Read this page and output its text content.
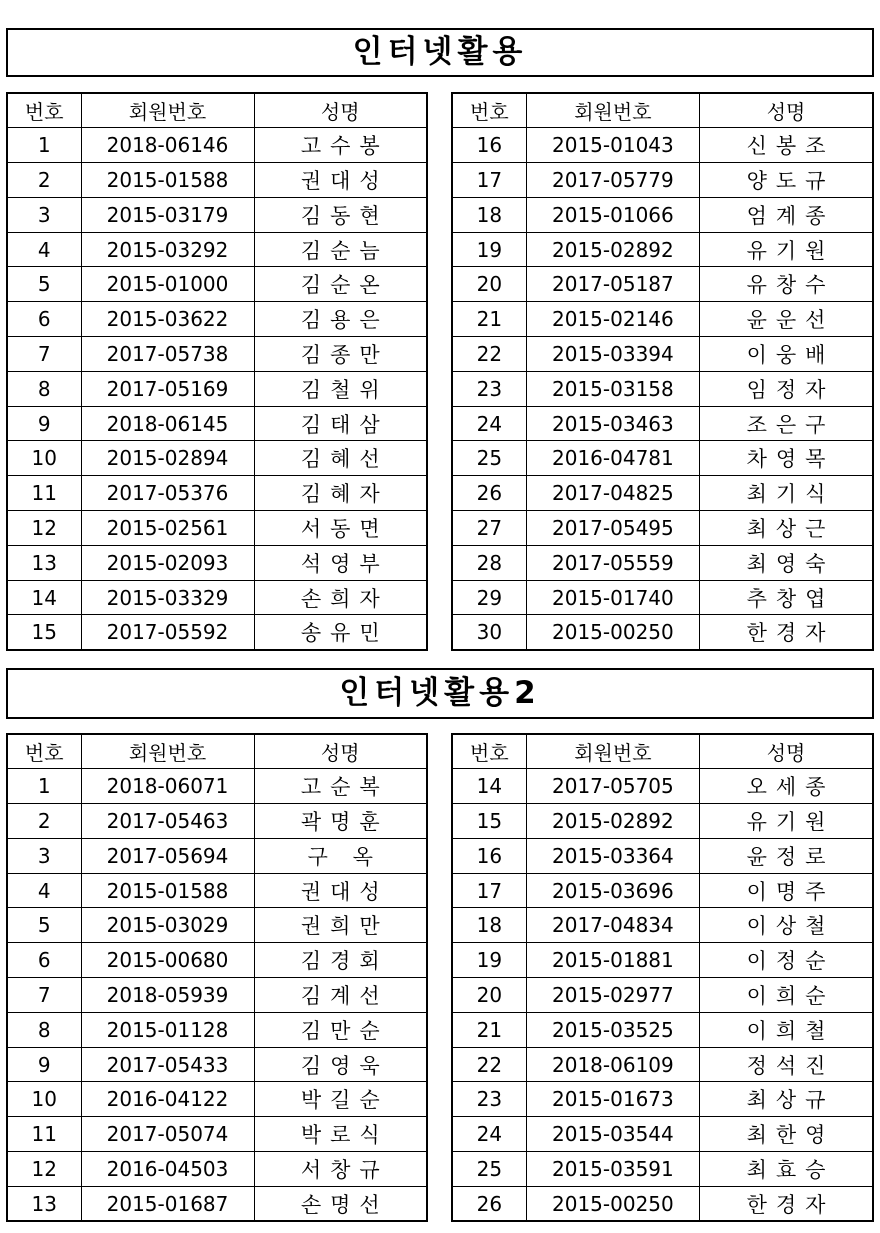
인터넷활용
번호	회원번호	성명
1	2018-06146	고수봉
2	2015-01588	권대성
3	2015-03179	김동현
4	2015-03292	김순늠
5	2015-01000	김순온
6	2015-03622	김용은
7	2017-05738	김종만
8	2017-05169	김철위
9	2018-06145	김태삼
10	2015-02894	김혜선
11	2017-05376	김혜자
12	2015-02561	서동면
13	2015-02093	석영부
14	2015-03329	손희자
15	2017-05592	송유민
번호	회원번호	성명
16	2015-01043	신봉조
17	2017-05779	양도규
18	2015-01066	엄계종
19	2015-02892	유기원
20	2017-05187	유창수
21	2015-02146	윤운선
22	2015-03394	이웅배
23	2015-03158	임정자
24	2015-03463	조은구
25	2016-04781	차영목
26	2017-04825	최기식
27	2017-05495	최상근
28	2017-05559	최영숙
29	2015-01740	추창엽
30	2015-00250	한경자
인터넷활용2
번호	회원번호	성명
1	2018-06071	고순복
2	2017-05463	곽명훈
3	2017-05694	구 옥
4	2015-01588	권대성
5	2015-03029	권희만
6	2015-00680	김경회
7	2018-05939	김계선
8	2015-01128	김만순
9	2017-05433	김영욱
10	2016-04122	박길순
11	2017-05074	박로식
12	2016-04503	서창규
13	2015-01687	손명선
번호	회원번호	성명
14	2017-05705	오세종
15	2015-02892	유기원
16	2015-03364	윤정로
17	2015-03696	이명주
18	2017-04834	이상철
19	2015-01881	이정순
20	2015-02977	이희순
21	2015-03525	이희철
22	2018-06109	정석진
23	2015-01673	최상규
24	2015-03544	최한영
25	2015-03591	최효승
26	2015-00250	한경자
